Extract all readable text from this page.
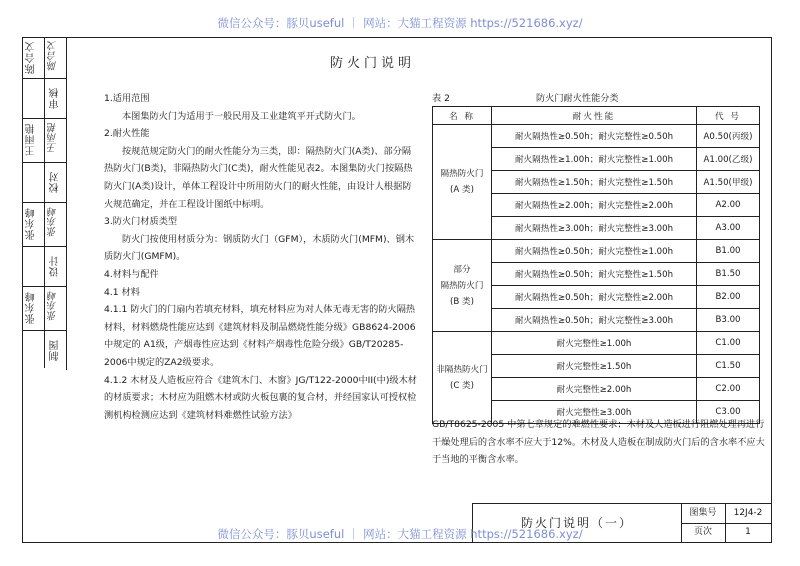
微信公众号：豚贝useful ｜ 网站：大猫工程资源 https://521686.xyz/
陈合文 陈合文
审核
王雨艳 王雨艳
校对
张东峰 张东峰
设计
张东峰 张东峰
制图
防火门说明

1.适用范围

本图集防火门为适用于一般民用及工业建筑平开式防火门。

2.耐火性能

按规范规定防火门的耐火性能分为三类，即：隔热防火门(A类)、部分隔热防火门(B类)，非隔热防火门(C类)，耐火性能见表2。本图集防火门按隔热防火门(A类)设计，单体工程设计中所用防火门的耐火性能，由设计人根据防火规范确定，并在工程设计图纸中标明。

3.防火门材质类型

防火门按使用材质分为：钢质防火门（GFM），木质防火门(MFM)、钢木质防火门(GMFM)。

4.材料与配件

4.1 材料

4.1.1 防火门的门扇内若填充材料，填充材料应为对人体无毒无害的防火隔热材料，材料燃烧性能应达到《建筑材料及制品燃烧性能分级》GB8624-2006中规定的 A1级，产烟毒性应达到《材料产烟毒性危险分级》GB/T20285-2006中规定的ZA2级要求。

4.1.2 木材及人造板应符合《建筑木门、木窗》JG/T122-2000中II(中)级木材的材质要求；木材应为阻燃木材或防火板包裹的复合材，并经国家认可授权检测机构检测应达到《建筑材料难燃性试验方法》

表 2	防火门耐火性能分类
名 称	耐火性能	代 号
隔热防火门
(A 类)	耐火隔热性≥0.50h；耐火完整性≥0.50h	A0.50(丙级)
	耐火隔热性≥1.00h；耐火完整性≥1.00h	A1.00(乙级)
	耐火隔热性≥1.50h；耐火完整性≥1.50h	A1.50(甲级)
	耐火隔热性≥2.00h；耐火完整性≥2.00h	A2.00
	耐火隔热性≥3.00h；耐火完整性≥3.00h	A3.00
部分
隔热防火门
(B 类)	耐火隔热性≥0.50h；耐火完整性≥1.00h	B1.00
	耐火隔热性≥0.50h；耐火完整性≥1.50h	B1.50
	耐火隔热性≥0.50h；耐火完整性≥2.00h	B2.00
	耐火隔热性≥0.50h；耐火完整性≥3.00h	B3.00
非隔热防火门
(C 类)	耐火完整性≥1.00h	C1.00
	耐火完整性≥1.50h	C1.50
	耐火完整性≥2.00h	C2.00
	耐火完整性≥3.00h	C3.00

GB/T8625-2005 中第七章规定的难燃性要求；木材及人造板进行阻燃处理再进行干燥处理后的含水率不应大于12%。木材及人造板在制成防火门后的含水率不应大于当地的平衡含水率。

防火门说明（一）
图集号	12J4-2
页次	1
微信公众号：豚贝useful ｜ 网站：大猫工程资源 https://521686.xyz/
